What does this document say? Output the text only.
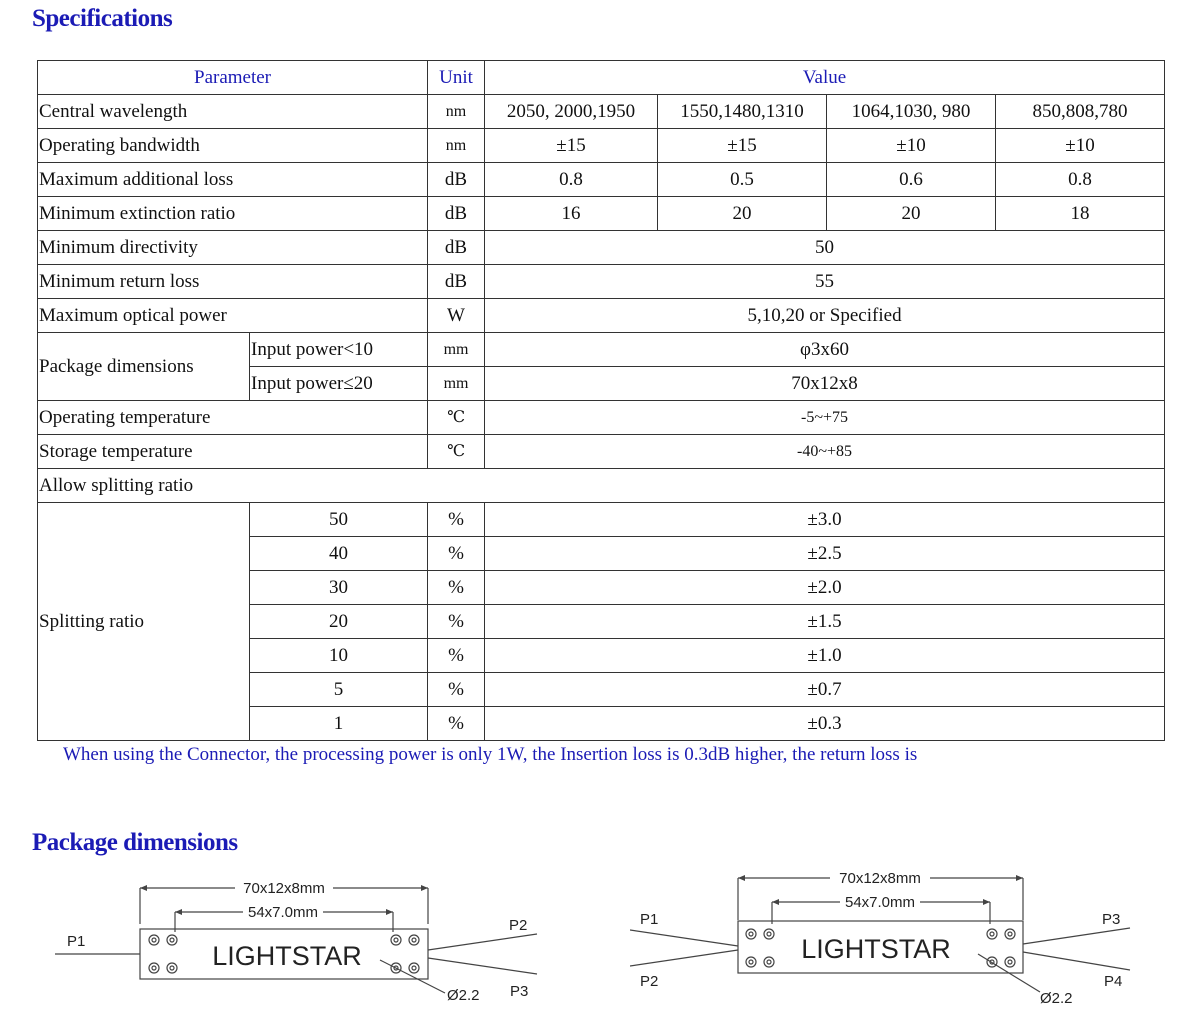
Specifications
Parameter		Unit	Value			
Central wavelength		nm	2050, 2000,1950	1550,1480,1310	1064,1030, 980	850,808,780
Operating bandwidth		nm	±15	±15	±10	±10
Maximum additional loss		dB	0.8	0.5	0.6	0.8
Minimum extinction ratio		dB	16	20	20	18
Minimum directivity		dB	50			
Minimum return loss		dB	55			
Maximum optical power		W	5,10,20 or Specified			
Package dimensions	Input power<10	mm	φ3x60			
	Input power≤20	mm	70x12x8			
Operating temperature		℃	-5~+75			
Storage temperature		℃	-40~+85			
Allow splitting ratio						
Splitting ratio	50	%	±3.0			
	40	%	±2.5			
	30	%	±2.0			
	20	%	±1.5			
	10	%	±1.0			
	5	%	±0.7			
	1	%	±0.3			
When using the Connector, the processing power is only 1W, the Insertion loss is 0.3dB higher, the return loss is
Package dimensions
70x12x8mm
54x7.0mm
LIGHTSTAR
Ø2.2
P1
P2
P3
70x12x8mm
54x7.0mm
LIGHTSTAR
Ø2.2
P1
P2
P3
P4
